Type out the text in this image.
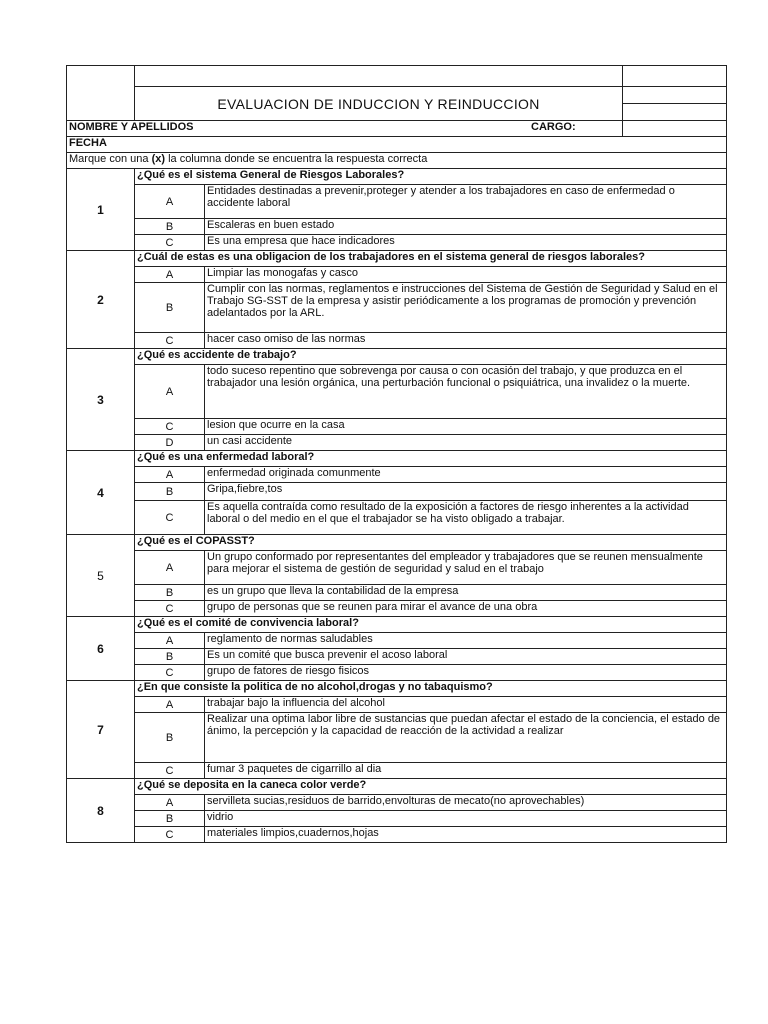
	EVALUACION DE INDUCCION Y REINDUCCION		

NOMBRE Y APELLIDOS CARGO:			

FECHA			
Marque con una (x) la columna donde se encuentra la respuesta correcta			
1	¿Qué es el sistema General de Riesgos Laborales?		
	A	Entidades destinadas a prevenir,proteger y atender a los trabajadores en caso de enfermedad o accidente laboral	
	B	Escaleras en buen estado	
	C	Es una empresa que hace indicadores	
2	¿Cuál de estas es una obligacion de los trabajadores en el sistema general de riesgos laborales?		
	A	Limpiar las monogafas y casco	
	B	Cumplir con las normas, reglamentos e instrucciones del Sistema de Gestión de Seguridad y Salud en el Trabajo SG-SST de la empresa y asistir periódicamente a los programas de promoción y prevención adelantados por la ARL.	
	C	hacer caso omiso de las normas	
3	¿Qué es accidente de trabajo?		
	A	todo suceso repentino que sobrevenga por causa o con ocasión del trabajo, y que produzca en el trabajador una lesión orgánica, una perturbación funcional o psiquiátrica, una invalidez o la muerte.	
	C	lesion que ocurre en la casa	
	D	un casi accidente	
4	¿Qué es una enfermedad laboral?		
	A	enfermedad originada comunmente	
	B	Gripa,fiebre,tos	
	C	Es aquella contraída como resultado de la exposición a factores de riesgo inherentes a la actividad laboral o del medio en el que el trabajador se ha visto obligado a trabajar.	
5	¿Qué es el COPASST?		
	A	Un grupo conformado por representantes del empleador y trabajadores que se reunen mensualmente para mejorar el sistema de gestión de seguridad y salud en el trabajo	
	B	es un grupo que lleva la contabilidad de la empresa	
	C	grupo de personas que se reunen para mirar el avance de una obra	
6	¿Qué es el comité de convivencia laboral?		
	A	reglamento de normas saludables	
	B	Es un comité que busca prevenir el acoso laboral	
	C	grupo de fatores de riesgo fisicos	
7	¿En que consiste la politica de no alcohol,drogas y no tabaquismo?		
	A	trabajar bajo la influencia del alcohol	
	B	Realizar una optima labor libre de sustancias que puedan afectar el estado de la conciencia, el estado de ánimo, la percepción y la capacidad de reacción de la actividad a realizar	
	C	fumar 3 paquetes de cigarrillo al dia	
8	¿Qué se deposita en la caneca color verde?		
	A	servilleta sucias,residuos de barrido,envolturas de mecato(no aprovechables)	
	B	vidrio	
	C	materiales limpios,cuadernos,hojas	
